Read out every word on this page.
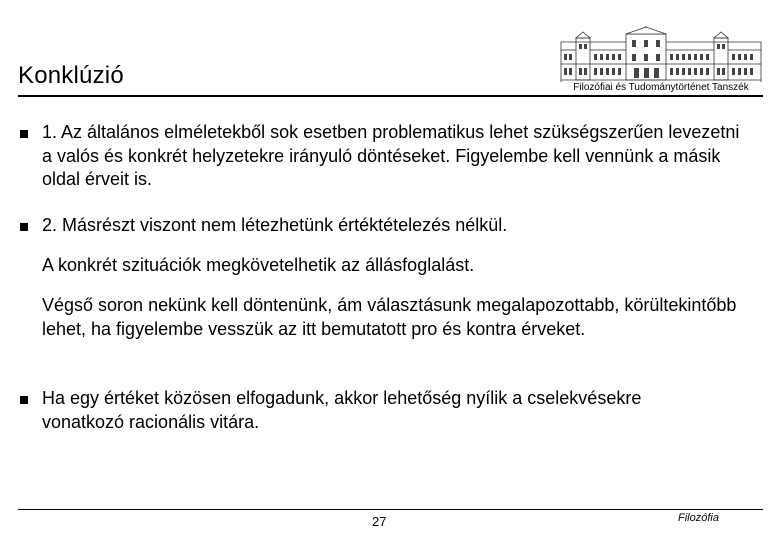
Konklúzió	Filozófiai és Tudománytörténet Tanszék

1. Az általános elméletekből sok esetben problematikus lehet szükségszerűen levezetni a valós és konkrét helyzetekre irányuló döntéseket. Figyelembe kell vennünk a másik oldal érveit is.

2. Másrészt viszont nem létezhetünk értéktételezés nélkül.

A konkrét szituációk megkövetelhetik az állásfoglalást.

Végső soron nekünk kell döntenünk, ám választásunk megalapozottabb, körültekintőbb lehet, ha figyelembe vesszük az itt bemutatott pro és kontra érveket.

Ha egy értéket közösen elfogadunk, akkor lehetőség nyílik a cselekvésekre vonatkozó racionális vitára.

27	Filozófia
